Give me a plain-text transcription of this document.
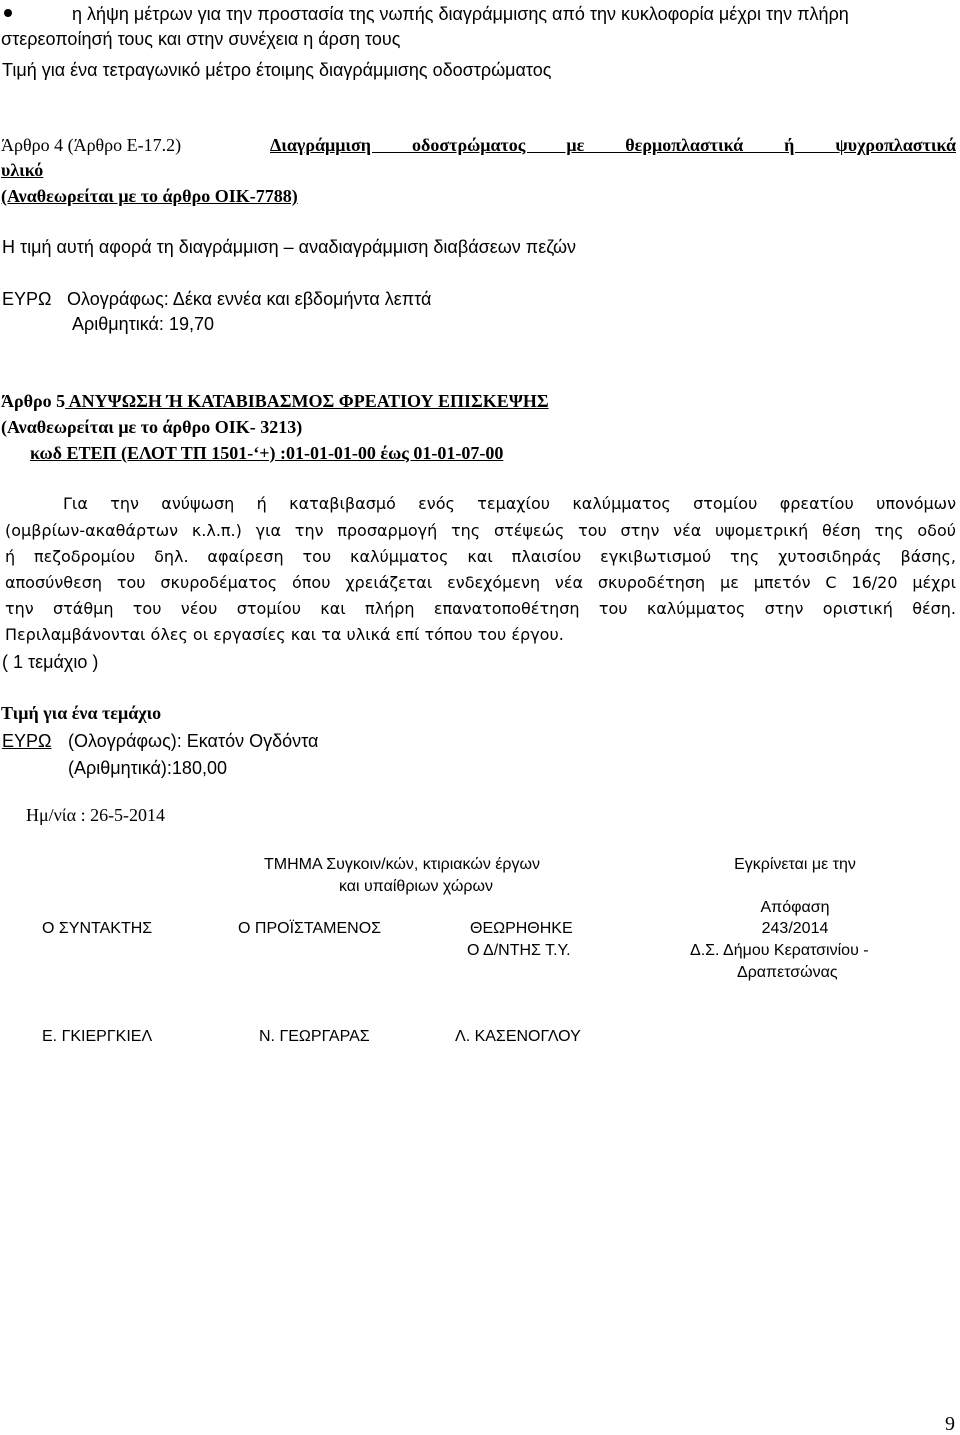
η λήψη μέτρων για την προστασία της νωπής διαγράμμισης από την κυκλοφορία μέχρι την πλήρη
στερεοποίησή τους και στην συνέχεια η άρση τους
Τιμή για ένα τετραγωνικό μέτρο έτοιμης διαγράμμισης οδοστρώματος
Άρθρο 4 (Άρθρο Ε-17.2)	Διαγράμμιση οδοστρώματος με θερμοπλαστικά ή ψυχροπλαστικά
υλικό
(Αναθεωρείται με το άρθρο ΟΙΚ-7788)
Η τιμή αυτή αφορά τη διαγράμμιση – αναδιαγράμμιση διαβάσεων πεζών
ΕΥΡΩ Ολογράφως: Δέκα εννέα και εβδομήντα λεπτά
Αριθμητικά: 19,70
Άρθρο 5 ΑΝΥΨΩΣΗ Ή ΚΑΤΑΒΙΒΑΣΜΟΣ ΦΡΕΑΤΙΟΥ ΕΠΙΣΚΕΨΗΣ
(Αναθεωρείται με το άρθρο ΟΙΚ- 3213)
κωδ ΕΤΕΠ (ΕΛΟΤ ΤΠ 1501-‘+) :01-01-01-00 έως 01-01-07-00
Για την ανύψωση ή καταβιβασμό ενός τεμαχίου καλύμματος στομίου φρεατίου υπονόμων
(ομβρίων-ακαθάρτων κ.λ.π.) για την προσαρμογή της στέψεώς του στην νέα υψομετρική θέση της οδού
ή πεζοδρομίου δηλ. αφαίρεση του καλύμματος και πλαισίου εγκιβωτισμού της χυτοσιδηράς βάσης,
αποσύνθεση του σκυροδέματος όπου χρειάζεται ενδεχόμενη νέα σκυροδέτηση με μπετόν C 16/20 μέχρι
την στάθμη του νέου στομίου και πλήρη επανατοποθέτηση του καλύμματος στην οριστική θέση.
Περιλαμβάνονται όλες οι εργασίες και τα υλικά επί τόπου του έργου.
( 1 τεμάχιο )
Τιμή για ένα τεμάχιο
ΕΥΡΩ (Ολογράφως): Εκατόν Ογδόντα
(Αριθμητικά):180,00
Ημ/νία : 26-5-2014
ΤΜΗΜΑ Συγκοιν/κών, κτιριακών έργων
και υπαίθριων χώρων
Εγκρίνεται με την
Απόφαση
243/2014
Δ.Σ. Δήμου Κερατσινίου -
Δραπετσώνας
Ο ΣΥΝΤΑΚΤΗΣ	Ο ΠΡΟΪΣΤΑΜΕΝΟΣ	ΘΕΩΡΗΘΗΚΕ
Ο Δ/ΝΤΗΣ Τ.Υ.
Ε. ΓΚΙΕΡΓΚΙΕΛ	Ν. ΓΕΩΡΓΑΡΑΣ	Λ. ΚΑΣΕΝΟΓΛΟΥ
9
